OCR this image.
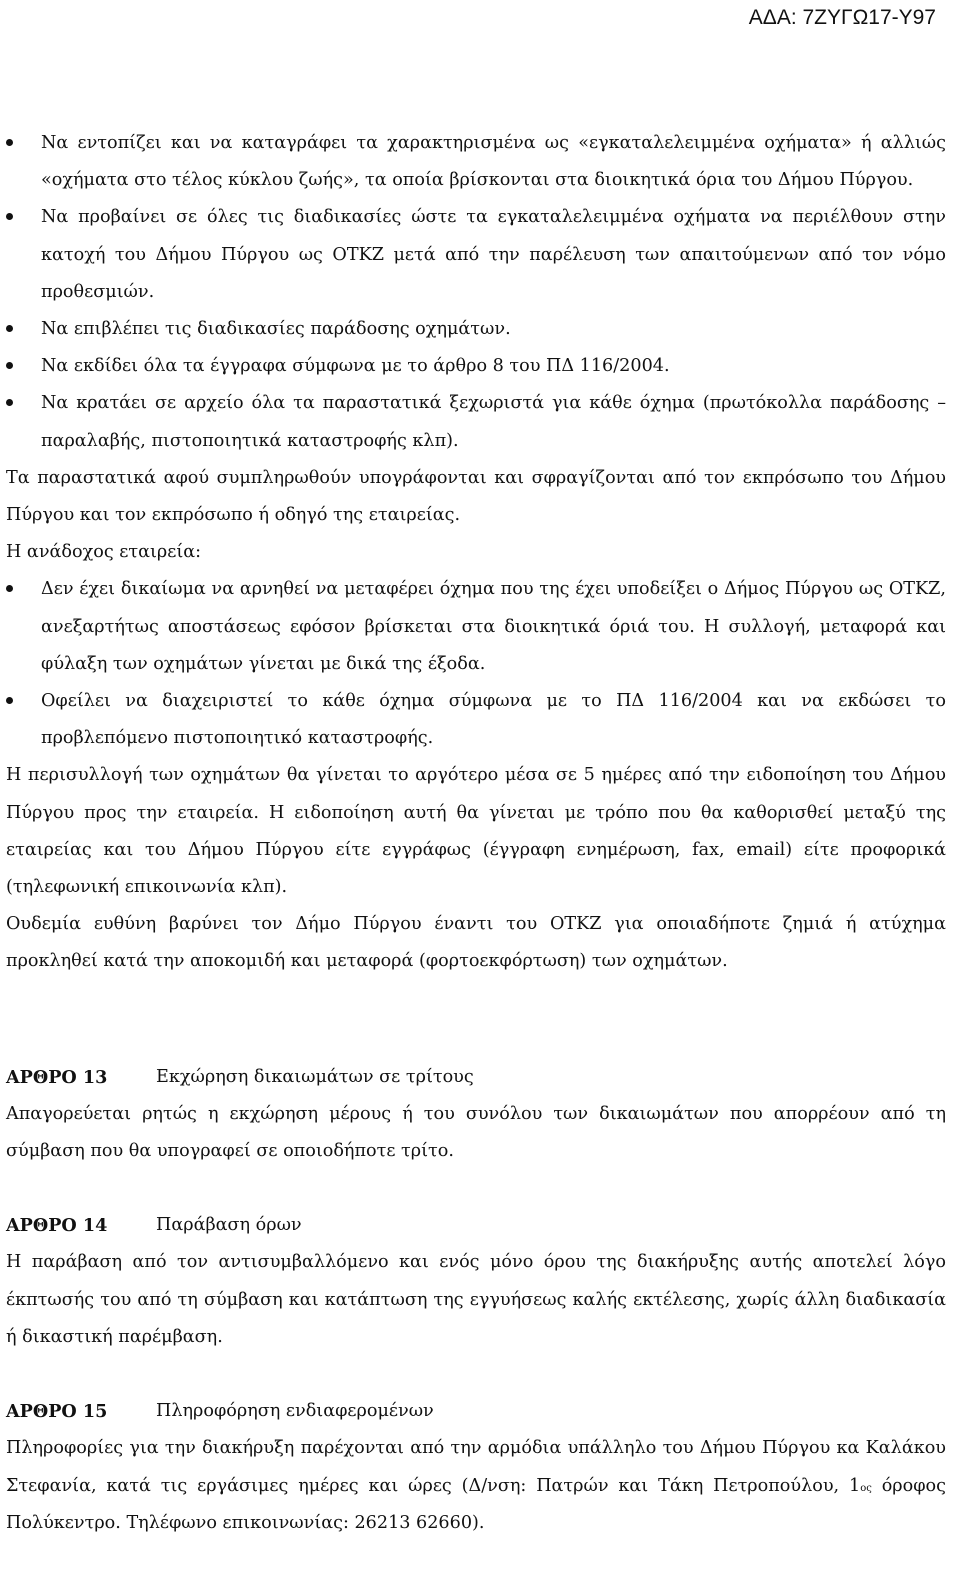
ΑΔΑ: 7ΖΥΓΩ17-Υ97
Να εντοπίζει και να καταγράφει τα χαρακτηρισμένα ως «εγκαταλελειμμένα οχήματα» ή αλλιώς «οχήματα στο τέλος κύκλου ζωής», τα οποία βρίσκονται στα διοικητικά όρια του Δήμου Πύργου.
Να προβαίνει σε όλες τις διαδικασίες ώστε τα εγκαταλελειμμένα οχήματα να περιέλθουν στην κατοχή του Δήμου Πύργου ως ΟΤΚΖ μετά από την παρέλευση των απαιτούμενων από τον νόμο προθεσμιών.
Να επιβλέπει τις διαδικασίες παράδοσης οχημάτων.
Να εκδίδει όλα τα έγγραφα σύμφωνα με το άρθρο 8 του ΠΔ 116/2004.
Να κρατάει σε αρχείο όλα τα παραστατικά ξεχωριστά για κάθε όχημα (πρωτόκολλα παράδοσης – παραλαβής, πιστοποιητικά καταστροφής κλπ).
Τα παραστατικά αφού συμπληρωθούν υπογράφονται και σφραγίζονται από τον εκπρόσωπο του Δήμου Πύργου και τον εκπρόσωπο ή οδηγό της εταιρείας.
Η ανάδοχος εταιρεία:
Δεν έχει δικαίωμα να αρνηθεί να μεταφέρει όχημα που της έχει υποδείξει ο Δήμος Πύργου ως ΟΤΚΖ, ανεξαρτήτως αποστάσεως εφόσον βρίσκεται στα διοικητικά όριά του. Η συλλογή, μεταφορά και φύλαξη των οχημάτων γίνεται με δικά της έξοδα.
Οφείλει να διαχειριστεί το κάθε όχημα σύμφωνα με το ΠΔ 116/2004 και να εκδώσει το προβλεπόμενο πιστοποιητικό καταστροφής.
Η περισυλλογή των οχημάτων θα γίνεται το αργότερο μέσα σε 5 ημέρες από την ειδοποίηση του Δήμου Πύργου προς την εταιρεία. Η ειδοποίηση αυτή θα γίνεται με τρόπο που θα καθορισθεί μεταξύ της εταιρείας και του Δήμου Πύργου είτε εγγράφως (έγγραφη ενημέρωση, fax, email) είτε προφορικά (τηλεφωνική επικοινωνία κλπ).
Ουδεμία ευθύνη βαρύνει τον Δήμο Πύργου έναντι του ΟΤΚΖ για οποιαδήποτε ζημιά ή ατύχημα προκληθεί κατά την αποκομιδή και μεταφορά (φορτοεκφόρτωση) των οχημάτων.
ΑΡΘΡΟ 13	Εκχώρηση δικαιωμάτων σε τρίτους
Απαγορεύεται ρητώς η εκχώρηση μέρους ή του συνόλου των δικαιωμάτων που απορρέουν από τη σύμβαση που θα υπογραφεί σε οποιοδήποτε τρίτο.
ΑΡΘΡΟ 14	Παράβαση όρων
Η παράβαση από τον αντισυμβαλλόμενο και ενός μόνο όρου της διακήρυξης αυτής αποτελεί λόγο έκπτωσής του από τη σύμβαση και κατάπτωση της εγγυήσεως καλής εκτέλεσης, χωρίς άλλη διαδικασία ή δικαστική παρέμβαση.
ΑΡΘΡΟ 15	Πληροφόρηση ενδιαφερομένων
Πληροφορίες για την διακήρυξη παρέχονται από την αρμόδια υπάλληλο του Δήμου Πύργου κα Καλάκου Στεφανία, κατά τις εργάσιμες ημέρες και ώρες (Δ/νση: Πατρών και Τάκη Πετροπούλου, $1^{o\varsigma}$ όροφος Πολύκεντρο. Τηλέφωνο επικοινωνίας: 26213 62660).
